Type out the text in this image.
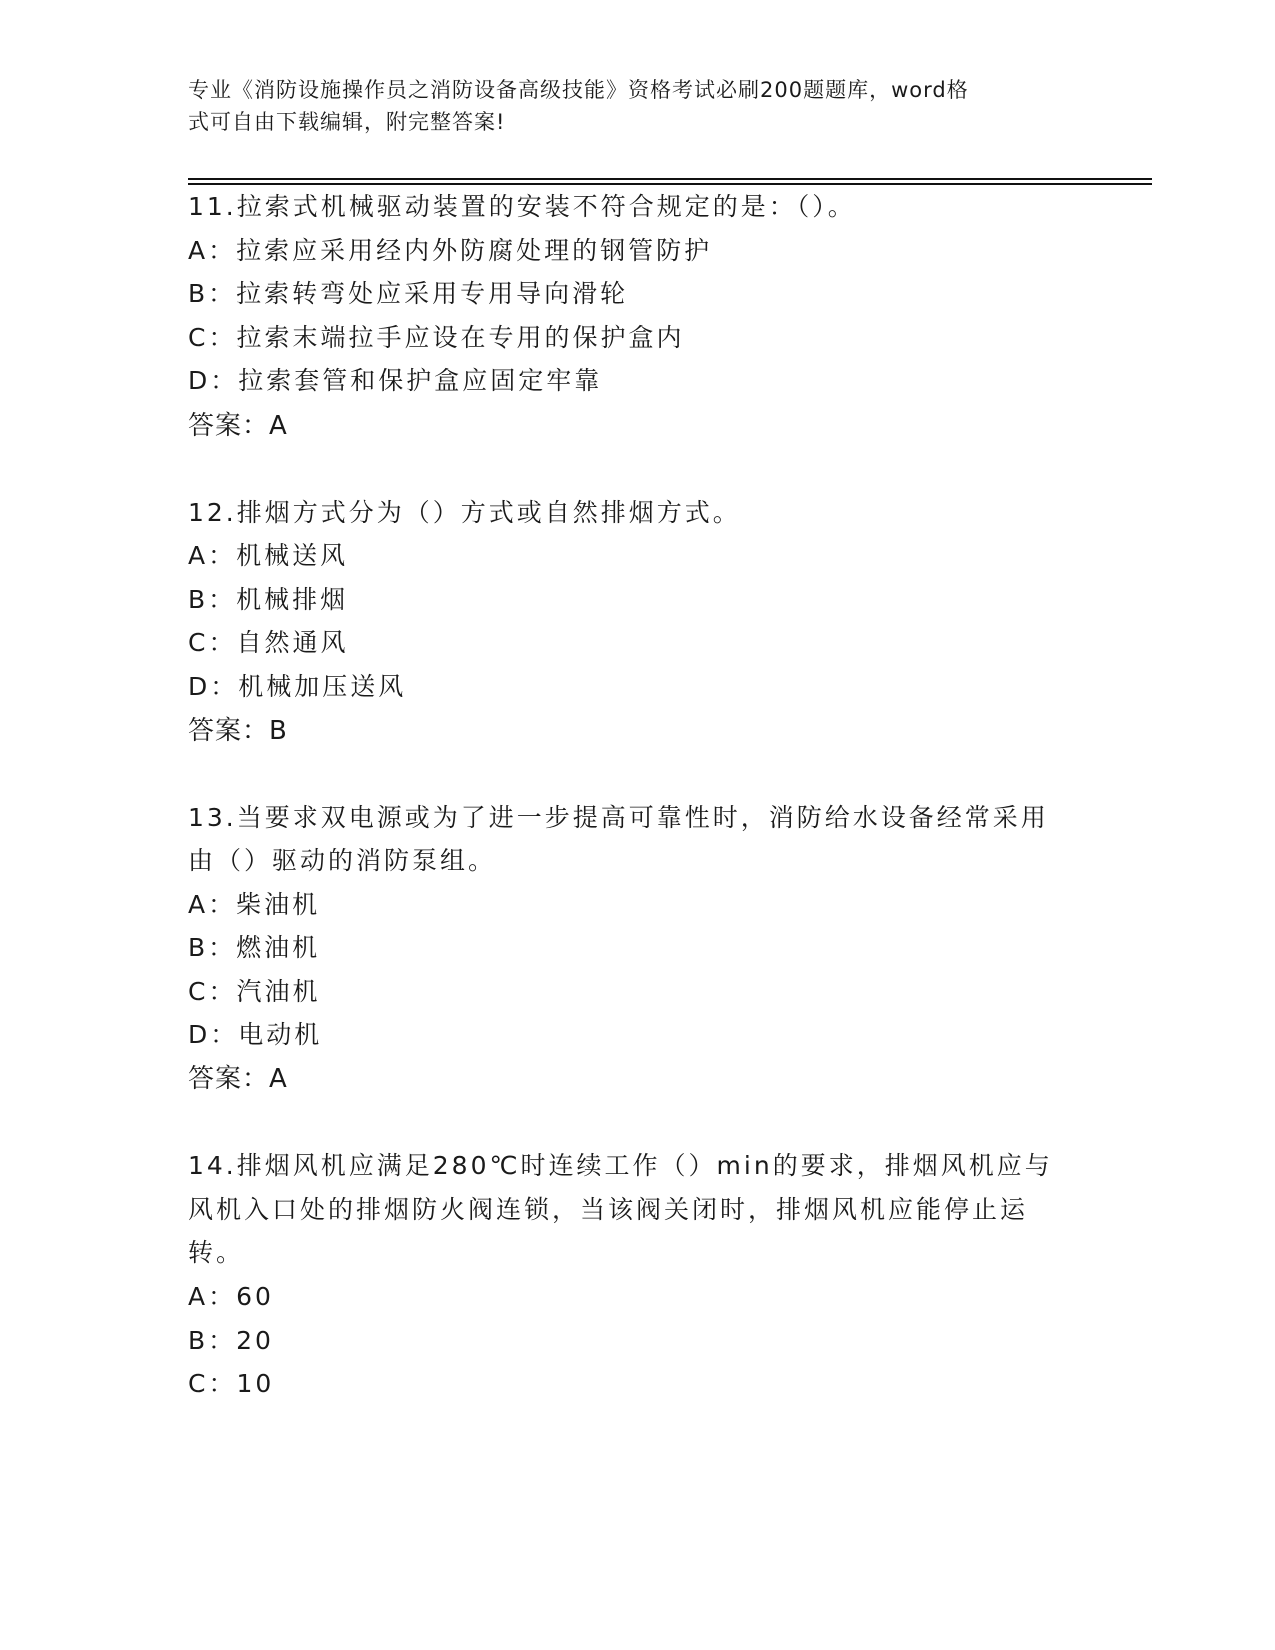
专业《消防设施操作员之消防设备高级技能》资格考试必刷200题题库，word格
式可自由下载编辑，附完整答案!
11.拉索式机械驱动装置的安装不符合规定的是：（）。
A：拉索应采用经内外防腐处理的钢管防护
B：拉索转弯处应采用专用导向滑轮
C：拉索末端拉手应设在专用的保护盒内
D：拉索套管和保护盒应固定牢靠
答案：A
12.排烟方式分为（）方式或自然排烟方式。
A：机械送风
B：机械排烟
C：自然通风
D：机械加压送风
答案：B
13.当要求双电源或为了进一步提高可靠性时，消防给水设备经常采用
由（）驱动的消防泵组。
A：柴油机
B：燃油机
C：汽油机
D：电动机
答案：A
14.排烟风机应满足280℃时连续工作（）min的要求，排烟风机应与
风机入口处的排烟防火阀连锁，当该阀关闭时，排烟风机应能停止运
转。
A：60
B：20
C：10
